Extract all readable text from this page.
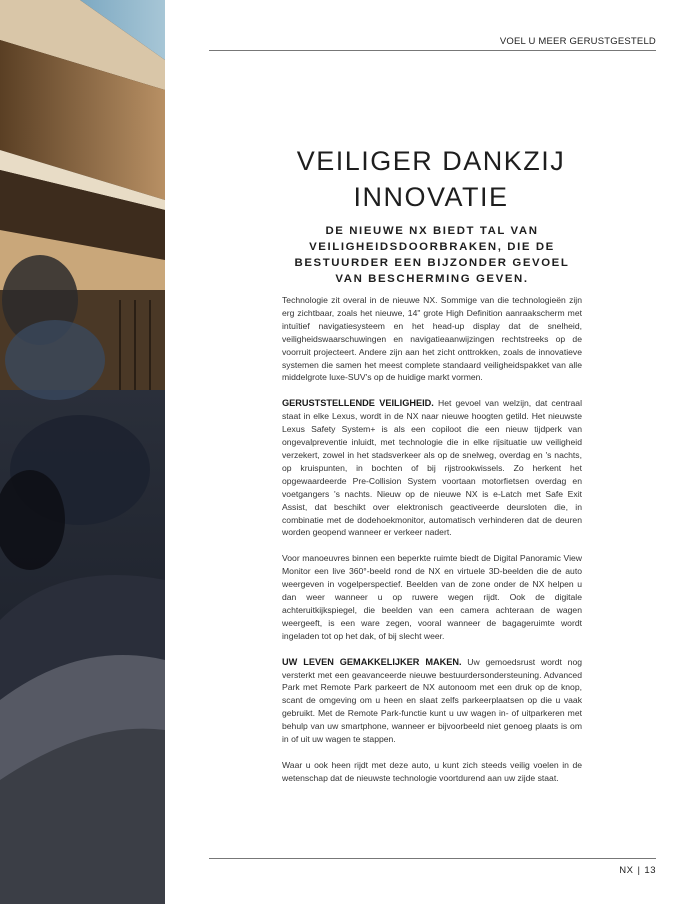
VOEL U MEER GERUSTGESTELD
VEILIGER DANKZIJ INNOVATIE
DE NIEUWE NX BIEDT TAL VAN VEILIGHEIDSDOORBRAKEN, DIE DE BESTUURDER EEN BIJZONDER GEVOEL VAN BESCHERMING GEVEN.

Technologie zit overal in de nieuwe NX. Sommige van die technologieën zijn erg zichtbaar, zoals het nieuwe, 14" grote High Definition aanraakscherm met intuïtief navigatiesysteem en het head-up display dat de snelheid, veiligheidswaarschuwingen en navigatieaanwijzingen rechtstreeks op de voorruit projecteert. Andere zijn aan het zicht onttrokken, zoals de innovatieve systemen die samen het meest complete standaard veiligheidspakket van alle middelgrote luxe-SUV's op de huidige markt vormen.

GERUSTSTELLENDE VEILIGHEID. Het gevoel van welzijn, dat centraal staat in elke Lexus, wordt in de NX naar nieuwe hoogten getild. Het nieuwste Lexus Safety System+ is als een copiloot die een nieuw tijdperk van ongevalpreventie inluidt, met technologie die in elke rijsituatie uw veiligheid verzekert, zowel in het stadsverkeer als op de snelweg, overdag en 's nachts, op kruispunten, in bochten of bij rijstrookwissels. Zo herkent het opgewaardeerde Pre-Collision System voortaan motorfietsen overdag en voetgangers 's nachts. Nieuw op de nieuwe NX is e-Latch met Safe Exit Assist, dat beschikt over elektronisch geactiveerde deursloten die, in combinatie met de dodehoekmonitor, automatisch verhinderen dat de deuren worden geopend wanneer er verkeer nadert.

Voor manoeuvres binnen een beperkte ruimte biedt de Digital Panoramic View Monitor een live 360°-beeld rond de NX en virtuele 3D-beelden die de auto weergeven in vogelperspectief. Beelden van de zone onder de NX helpen u dan weer wanneer u op ruwere wegen rijdt. Ook de digitale achteruitkijkspiegel, die beelden van een camera achteraan de wagen weergeeft, is een ware zegen, vooral wanneer de bagageruimte wordt ingeladen tot op het dak, of bij slecht weer.

UW LEVEN GEMAKKELIJKER MAKEN. Uw gemoedsrust wordt nog versterkt met een geavanceerde nieuwe bestuurdersondersteuning. Advanced Park met Remote Park parkeert de NX autonoom met een druk op de knop, scant de omgeving om u heen en slaat zelfs parkeerplaatsen op die u vaak gebruikt. Met de Remote Park-functie kunt u uw wagen in- of uitparkeren met behulp van uw smartphone, wanneer er bijvoorbeeld niet genoeg plaats is om in of uit uw wagen te stappen.

Waar u ook heen rijdt met deze auto, u kunt zich steeds veilig voelen in de wetenschap dat de nieuwste technologie voortdurend aan uw zijde staat.

NX | 13
